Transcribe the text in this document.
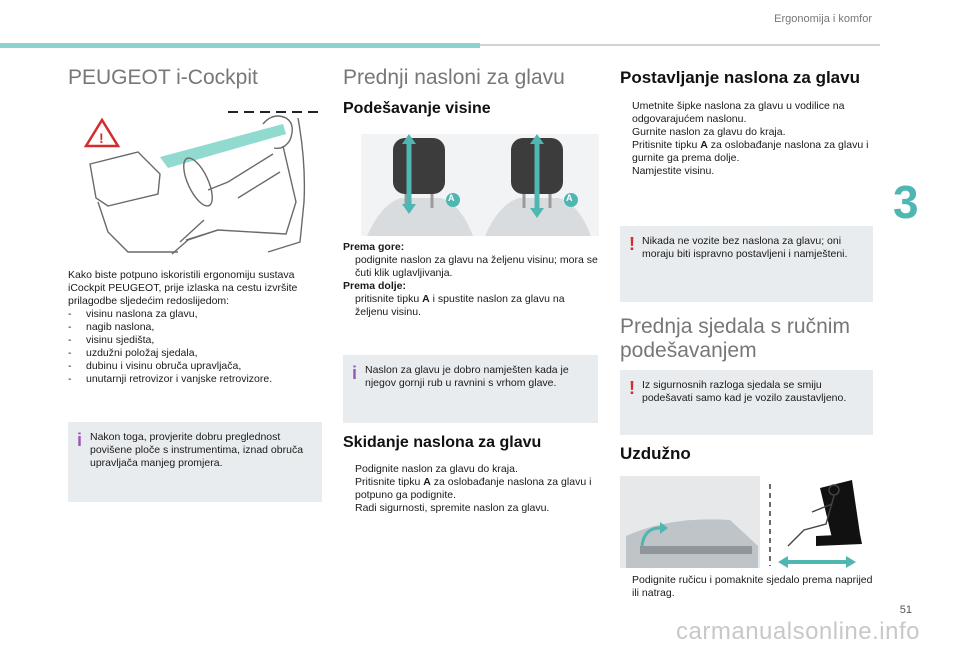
Ergonomija i komfor
3
PEUGEOT i-Cockpit
!

Kako biste potpuno iskoristili ergonomiju sustava iCockpit PEUGEOT, prije izlaska na cestu izvršite prilagodbe sljedećim redoslijedom:

-	visinu naslona za glavu,
-	nagib naslona,
-	visinu sjedišta,
-	uzdužni položaj sjedala,
-	dubinu i visinu obruča upravljača,
-	unutarnji retrovizor i vanjske retrovizore.
i Nakon toga, provjerite dobru preglednost povišene ploče s instrumentima, iznad obruča upravljača manjeg promjera.
Prednji nasloni za glavu
Podešavanje visine
A	A

Prema gore:

podignite naslon za glavu na željenu visinu; mora se čuti klik uglavljivanja.

Prema dolje:

pritisnite tipku A i spustite naslon za glavu na željenu visinu.
i Naslon za glavu je dobro namješten kada je njegov gornji rub u ravnini s vrhom glave.
Skidanje naslona za glavu
Podignite naslon za glavu do kraja.
Pritisnite tipku A za oslobađanje naslona za glavu i potpuno ga podignite.
Radi sigurnosti, spremite naslon za glavu.
Postavljanje naslona za glavu
Umetnite šipke naslona za glavu u vodilice na odgovarajućem naslonu.
Gurnite naslon za glavu do kraja.
Pritisnite tipku A za oslobađanje naslona za glavu i gurnite ga prema dolje.
Namjestite visinu.
! Nikada ne vozite bez naslona za glavu; oni moraju biti ispravno postavljeni i namješteni.
Prednja sjedala s ručnim podešavanjem
! Iz sigurnosnih razloga sjedala se smiju podešavati samo kad je vozilo zaustavljeno.
Uzdužno
Podignite ručicu i pomaknite sjedalo prema naprijed ili natrag.
51
carmanualsonline.info
